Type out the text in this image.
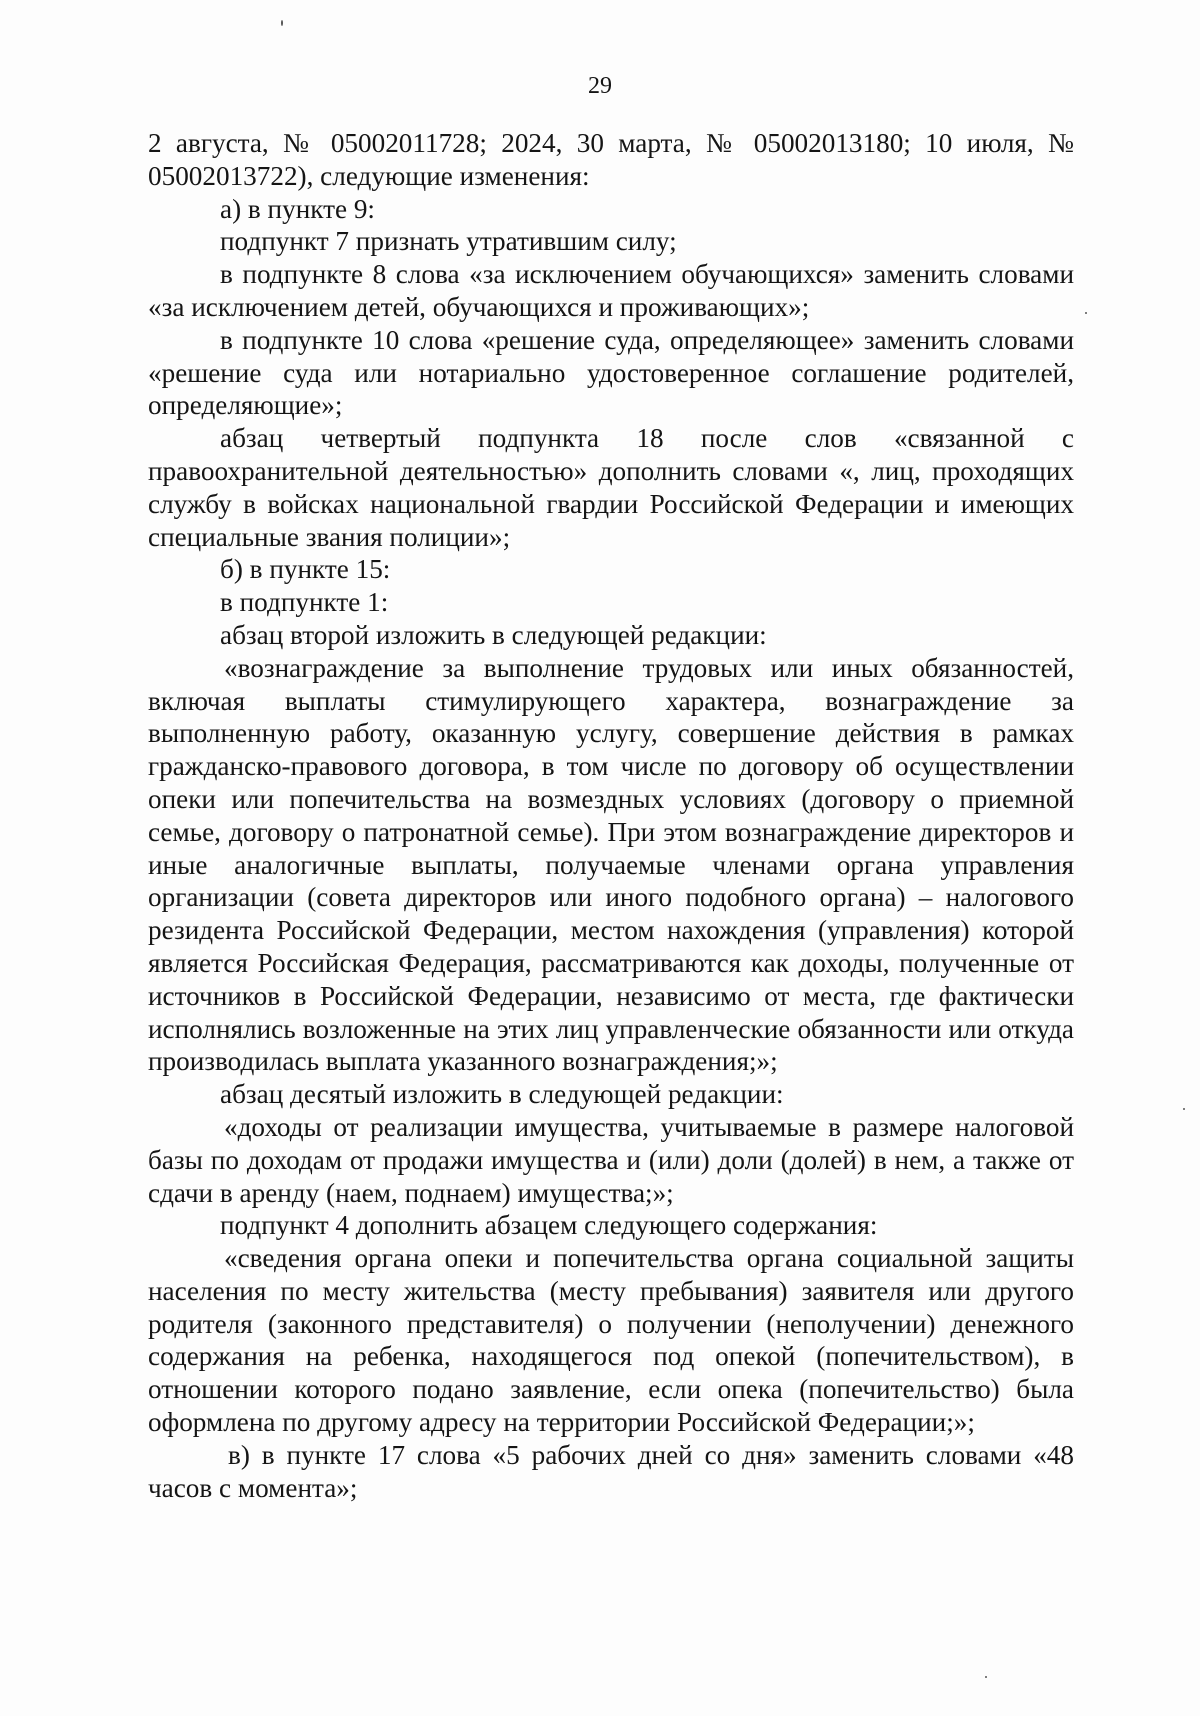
29

2 августа, № 05002011728; 2024, 30 марта, № 05002013180; 10 июля, № 05002013722), следующие изменения:

а) в пункте 9:

подпункт 7 признать утратившим силу;

в подпункте 8 слова «за исключением обучающихся» заменить словами «за исключением детей, обучающихся и проживающих»;

в подпункте 10 слова «решение суда, определяющее» заменить словами «решение суда или нотариально удостоверенное соглашение родителей, определяющие»;

абзац четвертый подпункта 18 после слов «связанной с правоохранительной деятельностью» дополнить словами «, лиц, проходящих службу в войсках национальной гвардии Российской Федерации и имеющих специальные звания полиции»;

б) в пункте 15:

в подпункте 1:

абзац второй изложить в следующей редакции:

«вознаграждение за выполнение трудовых или иных обязанностей, включая выплаты стимулирующего характера, вознаграждение за выполненную работу, оказанную услугу, совершение действия в рамках гражданско-правового договора, в том числе по договору об осуществлении опеки или попечительства на возмездных условиях (договору о приемной семье, договору о патронатной семье). При этом вознаграждение директоров и иные аналогичные выплаты, получаемые членами органа управления организации (совета директоров или иного подобного органа) – налогового резидента Российской Федерации, местом нахождения (управления) которой является Российская Федерация, рассматриваются как доходы, полученные от источников в Российской Федерации, независимо от места, где фактически исполнялись возложенные на этих лиц управленческие обязанности или откуда производилась выплата указанного вознаграждения;»;

абзац десятый изложить в следующей редакции:

«доходы от реализации имущества, учитываемые в размере налоговой базы по доходам от продажи имущества и (или) доли (долей) в нем, а также от сдачи в аренду (наем, поднаем) имущества;»;

подпункт 4 дополнить абзацем следующего содержания:

«сведения органа опеки и попечительства органа социальной защиты населения по месту жительства (месту пребывания) заявителя или другого родителя (законного представителя) о получении (неполучении) денежного содержания на ребенка, находящегося под опекой (попечительством), в отношении которого подано заявление, если опека (попечительство) была оформлена по другому адресу на территории Российской Федерации;»;

в) в пункте 17 слова «5 рабочих дней со дня» заменить словами «48 часов с момента»;
